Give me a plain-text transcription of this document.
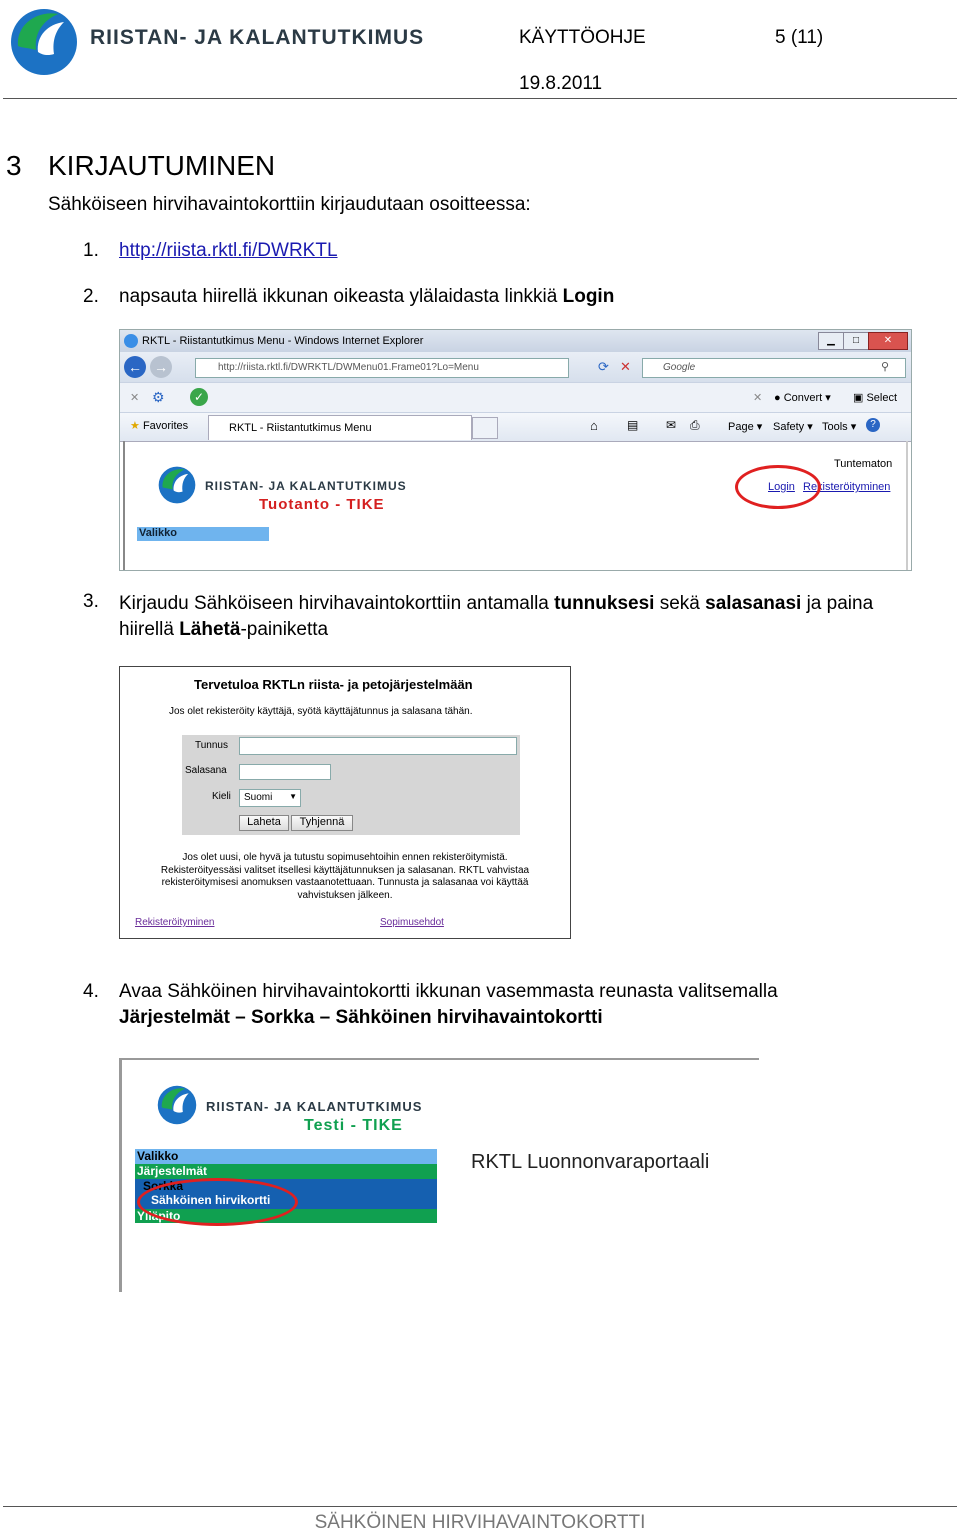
RIISTAN- JA KALANTUTKIMUS	KÄYTTÖOHJE	5 (11)
19.8.2011
3 KIRJAUTUMINEN
Sähköiseen hirvihavaintokorttiin kirjaudutaan osoitteessa:
1. http://riista.rktl.fi/DWRKTL
2. napsauta hiirellä ikkunan oikeasta ylälaidasta linkkiä Login
RKTL - Riistantutkimus Menu - Windows Internet Explorer	▁	□	✕
← →	http://riista.rktl.fi/DWRKTL/DWMenu01.Frame01?Lo=Menu	⟳ ✕	Google	⚲
✕ ⚙	✓	✕ ● Convert ▾ ▣ Select
★ Favorites	RKTL - Riistantutkimus Menu	⌂ ▤ ✉ ⎙	Page ▾ Safety ▾ Tools ▾	?
RIISTAN- JA KALANTUTKIMUS
Tuotanto - TIKE
Valikko
Tuntematon
Login Rekisteröityminen
3. Kirjaudu Sähköiseen hirvihavaintokorttiin antamalla tunnuksesi sekä salasanasi ja paina
hiirellä Lähetä-painiketta
Tervetuloa RKTLn riista- ja petojärjestelmään
Jos olet rekisteröity käyttäjä, syötä käyttäjätunnus ja salasana tähän.
Tunnus
Salasana
Kieli Suomi ▼
Laheta	Tyhjennä
Jos olet uusi, ole hyvä ja tutustu sopimusehtoihin ennen rekisteröitymistä.
Rekisteröityessäsi valitset itsellesi käyttäjätunnuksen ja salasanan. RKTL vahvistaa
rekisteröitymisesi anomuksen vastaanotettuaan. Tunnusta ja salasanaa voi käyttää
vahvistuksen jälkeen.
Rekisteröityminen	Sopimusehdot
4. Avaa Sähköinen hirvihavaintokortti ikkunan vasemmasta reunasta valitsemalla
Järjestelmät – Sorkka – Sähköinen hirvihavaintokortti
RIISTAN- JA KALANTUTKIMUS
Testi - TIKE
RKTL Luonnonvaraportaali
Valikko
Järjestelmät
Sorkka
Sähköinen hirvikortti
Ylläpito
SÄHKÖINEN HIRVIHAVAINTOKORTTI
